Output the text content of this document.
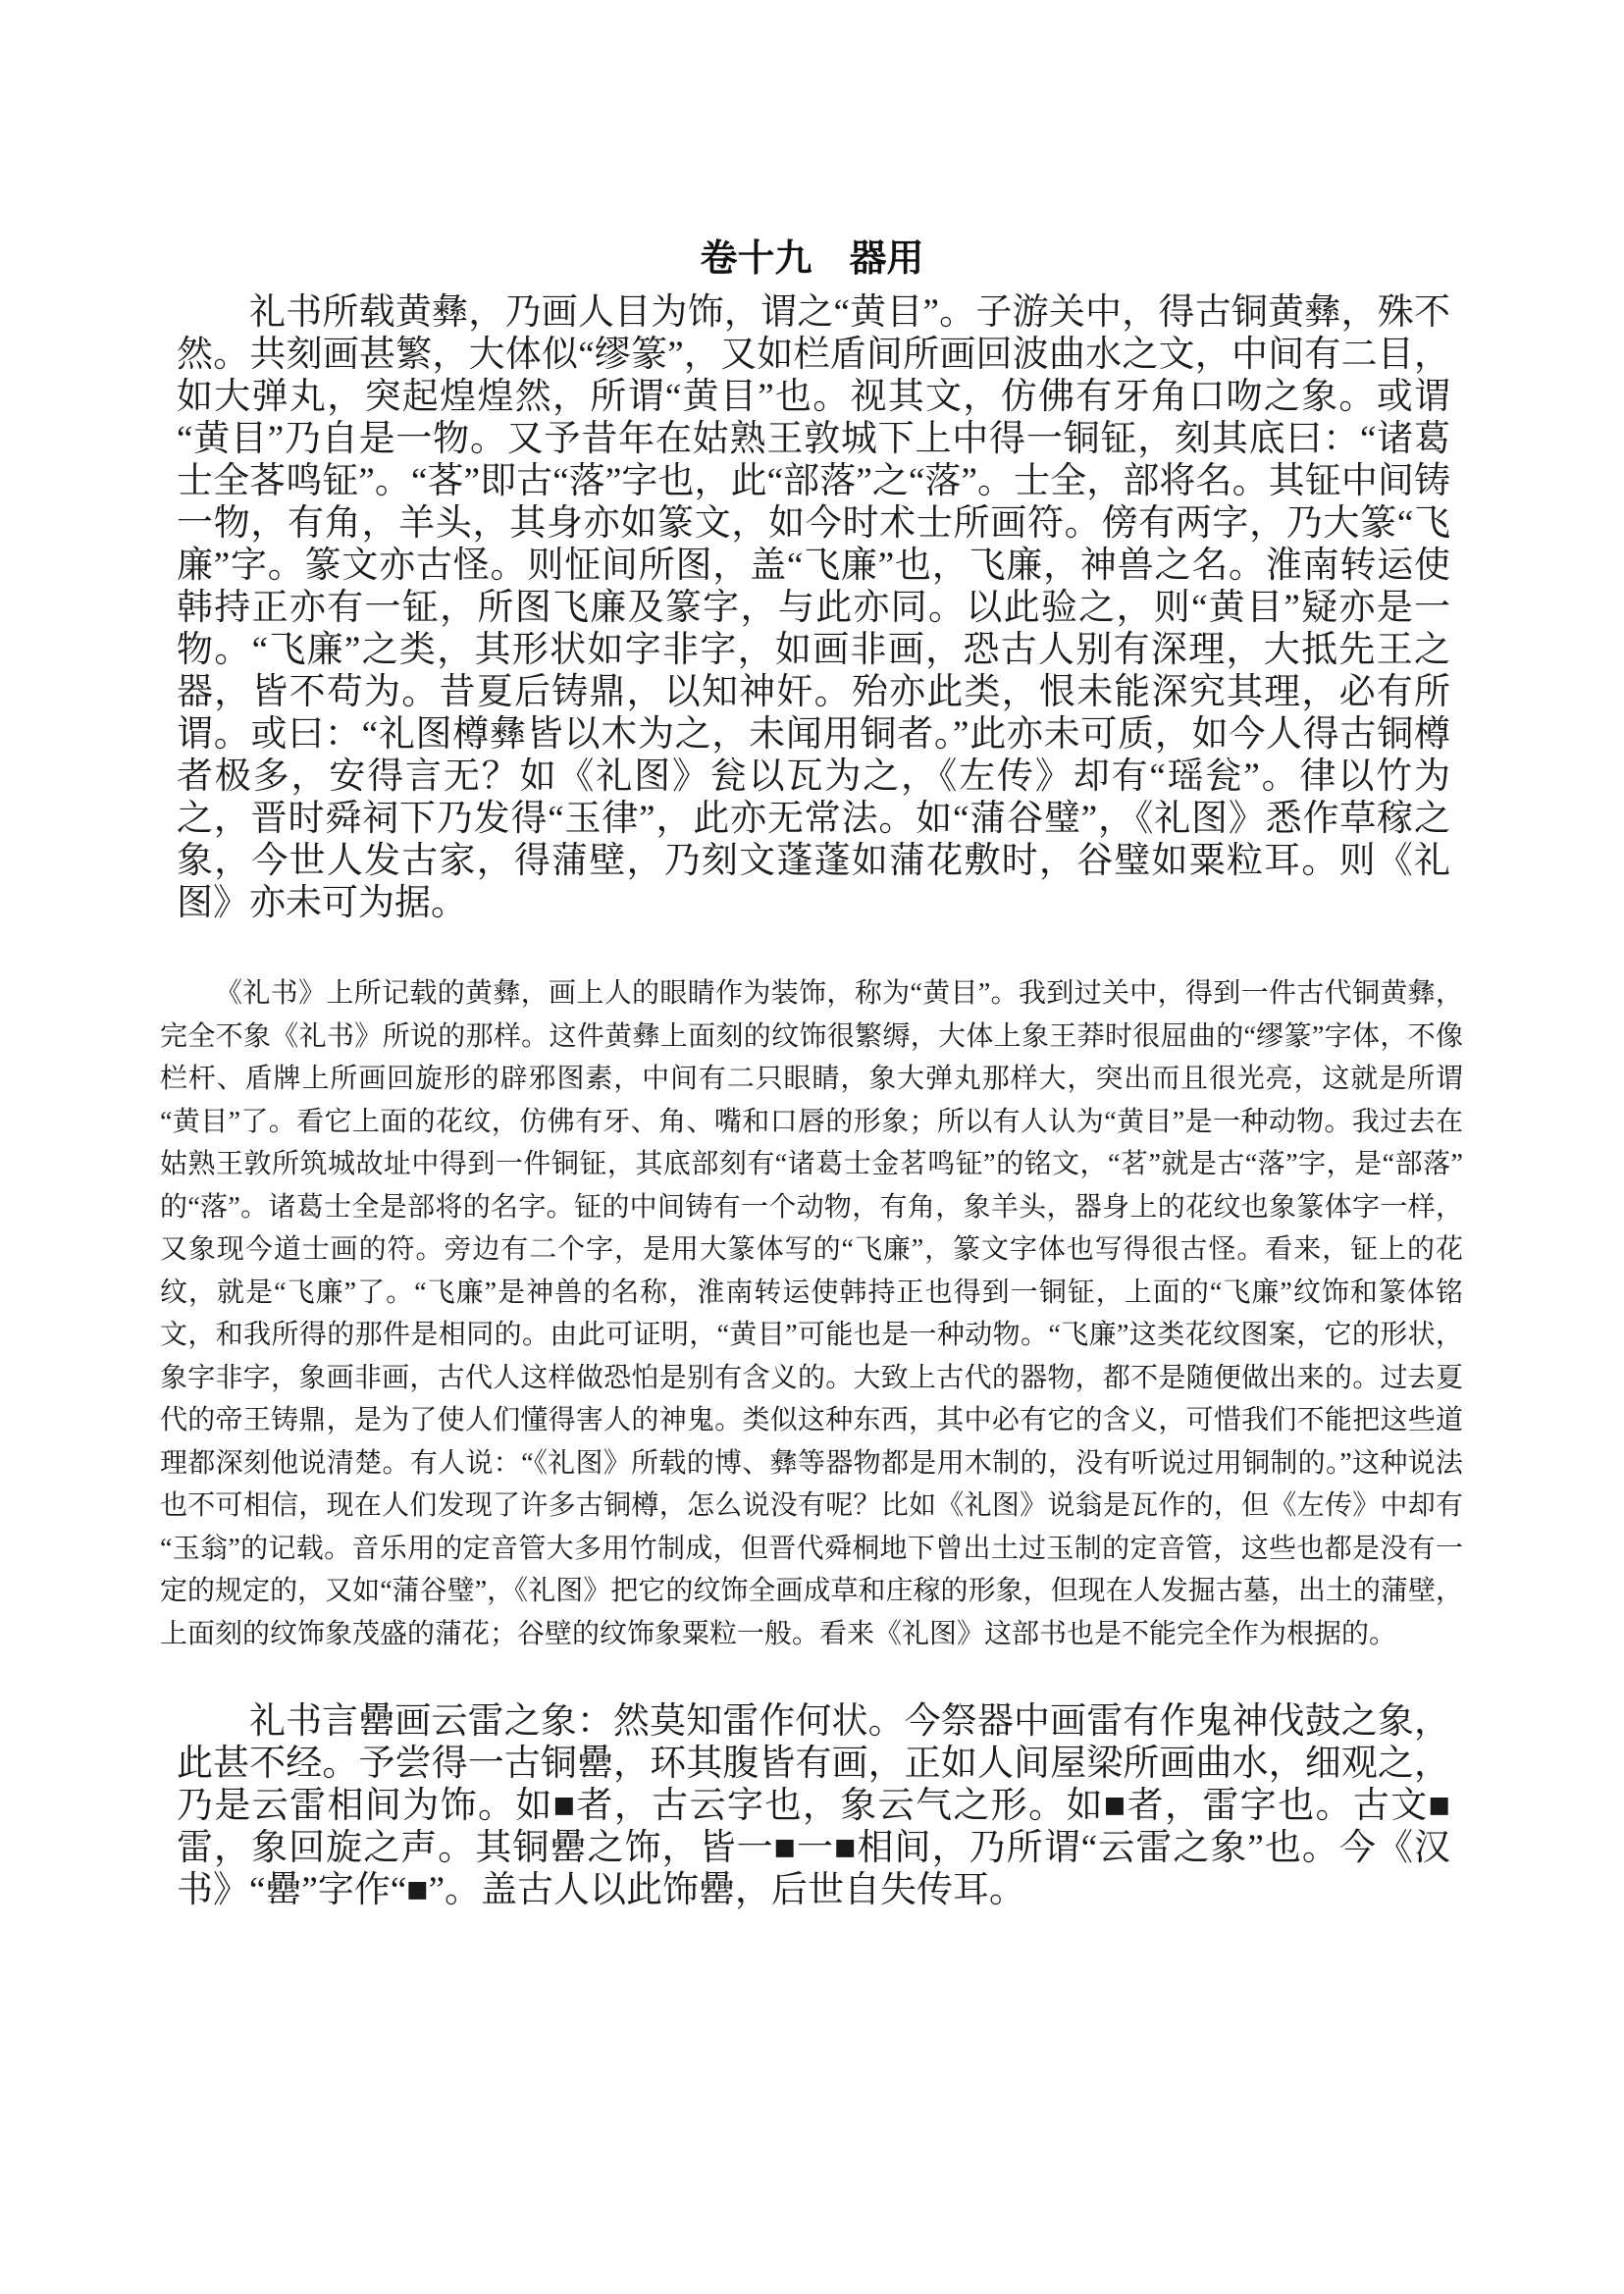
卷十九　器用

礼书所载黄彝，乃画人目为饰，谓之“黄目”。子游关中，得古铜黄彝，殊不然。共刻画甚繁，大体似“缪篆”，又如栏盾间所画回波曲水之文，中间有二目，如大弹丸，突起煌煌然，所谓“黄目”也。视其文，仿佛有牙角口吻之象。或谓“黄目”乃自是一物。又予昔年在姑熟王敦城下上中得一铜钲，刻其底曰：“诸葛士全茖鸣钲”。“茖”即古“落”字也，此“部落”之“落”。士全，部将名。其钲中间铸一物，有角，羊头，其身亦如篆文，如今时术士所画符。傍有两字，乃大篆“飞廉”字。篆文亦古怪。则怔间所图，盖“飞廉”也，飞廉，神兽之名。淮南转运使韩持正亦有一钲，所图飞廉及篆字，与此亦同。以此验之，则“黄目”疑亦是一物。“飞廉”之类，其形状如字非字，如画非画，恐古人别有深理，大抵先王之器，皆不苟为。昔夏后铸鼎，以知神奸。殆亦此类，恨未能深究其理，必有所谓。或曰：“礼图樽彝皆以木为之，未闻用铜者。”此亦未可质，如今人得古铜樽者极多，安得言无？如《礼图》瓮以瓦为之，《左传》却有“瑶瓮”。律以竹为之，晋时舜祠下乃发得“玉律”，此亦无常法。如“蒲谷璧”，《礼图》悉作草稼之象，今世人发古家，得蒲壁，乃刻文蓬蓬如蒲花敷时，谷璧如粟粒耳。则《礼图》亦未可为据。

《礼书》上所记载的黄彝，画上人的眼睛作为装饰，称为“黄目”。我到过关中，得到一件古代铜黄彝，完全不象《礼书》所说的那样。这件黄彝上面刻的纹饰很繁缛，大体上象王莽时很屈曲的“缪篆”字体，不像栏杆、盾牌上所画回旋形的辟邪图素，中间有二只眼睛，象大弹丸那样大，突出而且很光亮，这就是所谓“黄目”了。看它上面的花纹，仿佛有牙、角、嘴和口唇的形象；所以有人认为“黄目”是一种动物。我过去在姑熟王敦所筑城故址中得到一件铜钲，其底部刻有“诸葛士金茗鸣钲”的铭文，“茗”就是古“落”字，是“部落”的“落”。诸葛士全是部将的名字。钲的中间铸有一个动物，有角，象羊头，器身上的花纹也象篆体字一样，又象现今道士画的符。旁边有二个字，是用大篆体写的“飞廉”，篆文字体也写得很古怪。看来，钲上的花纹，就是“飞廉”了。“飞廉”是神兽的名称，淮南转运使韩持正也得到一铜钲，上面的“飞廉”纹饰和篆体铭文，和我所得的那件是相同的。由此可证明，“黄目”可能也是一种动物。“飞廉”这类花纹图案，它的形状，象字非字，象画非画，古代人这样做恐怕是别有含义的。大致上古代的器物，都不是随便做出来的。过去夏代的帝王铸鼎，是为了使人们懂得害人的神鬼。类似这种东西，其中必有它的含义，可惜我们不能把这些道理都深刻他说清楚。有人说：“《礼图》所载的博、彝等器物都是用木制的，没有听说过用铜制的。”这种说法也不可相信，现在人们发现了许多古铜樽，怎么说没有呢？比如《礼图》说翁是瓦作的，但《左传》中却有“玉翁”的记载。音乐用的定音管大多用竹制成，但晋代舜桐地下曾出土过玉制的定音管，这些也都是没有一定的规定的，又如“蒲谷璧”，《礼图》把它的纹饰全画成草和庄稼的形象，但现在人发掘古墓，出土的蒲壁，上面刻的纹饰象茂盛的蒲花；谷壁的纹饰象粟粒一般。看来《礼图》这部书也是不能完全作为根据的。

礼书言罍画云雷之象：然莫知雷作何状。今祭器中画雷有作鬼神伐鼓之象，此甚不经。予尝得一古铜罍，环其腹皆有画，正如人间屋梁所画曲水，细观之，乃是云雷相间为饰。如■者，古云字也，象云气之形。如■者，雷字也。古文■雷，象回旋之声。其铜罍之饰，皆一■一■相间，乃所谓“云雷之象”也。今《汉书》“罍”字作“■”。盖古人以此饰罍，后世自失传耳。
